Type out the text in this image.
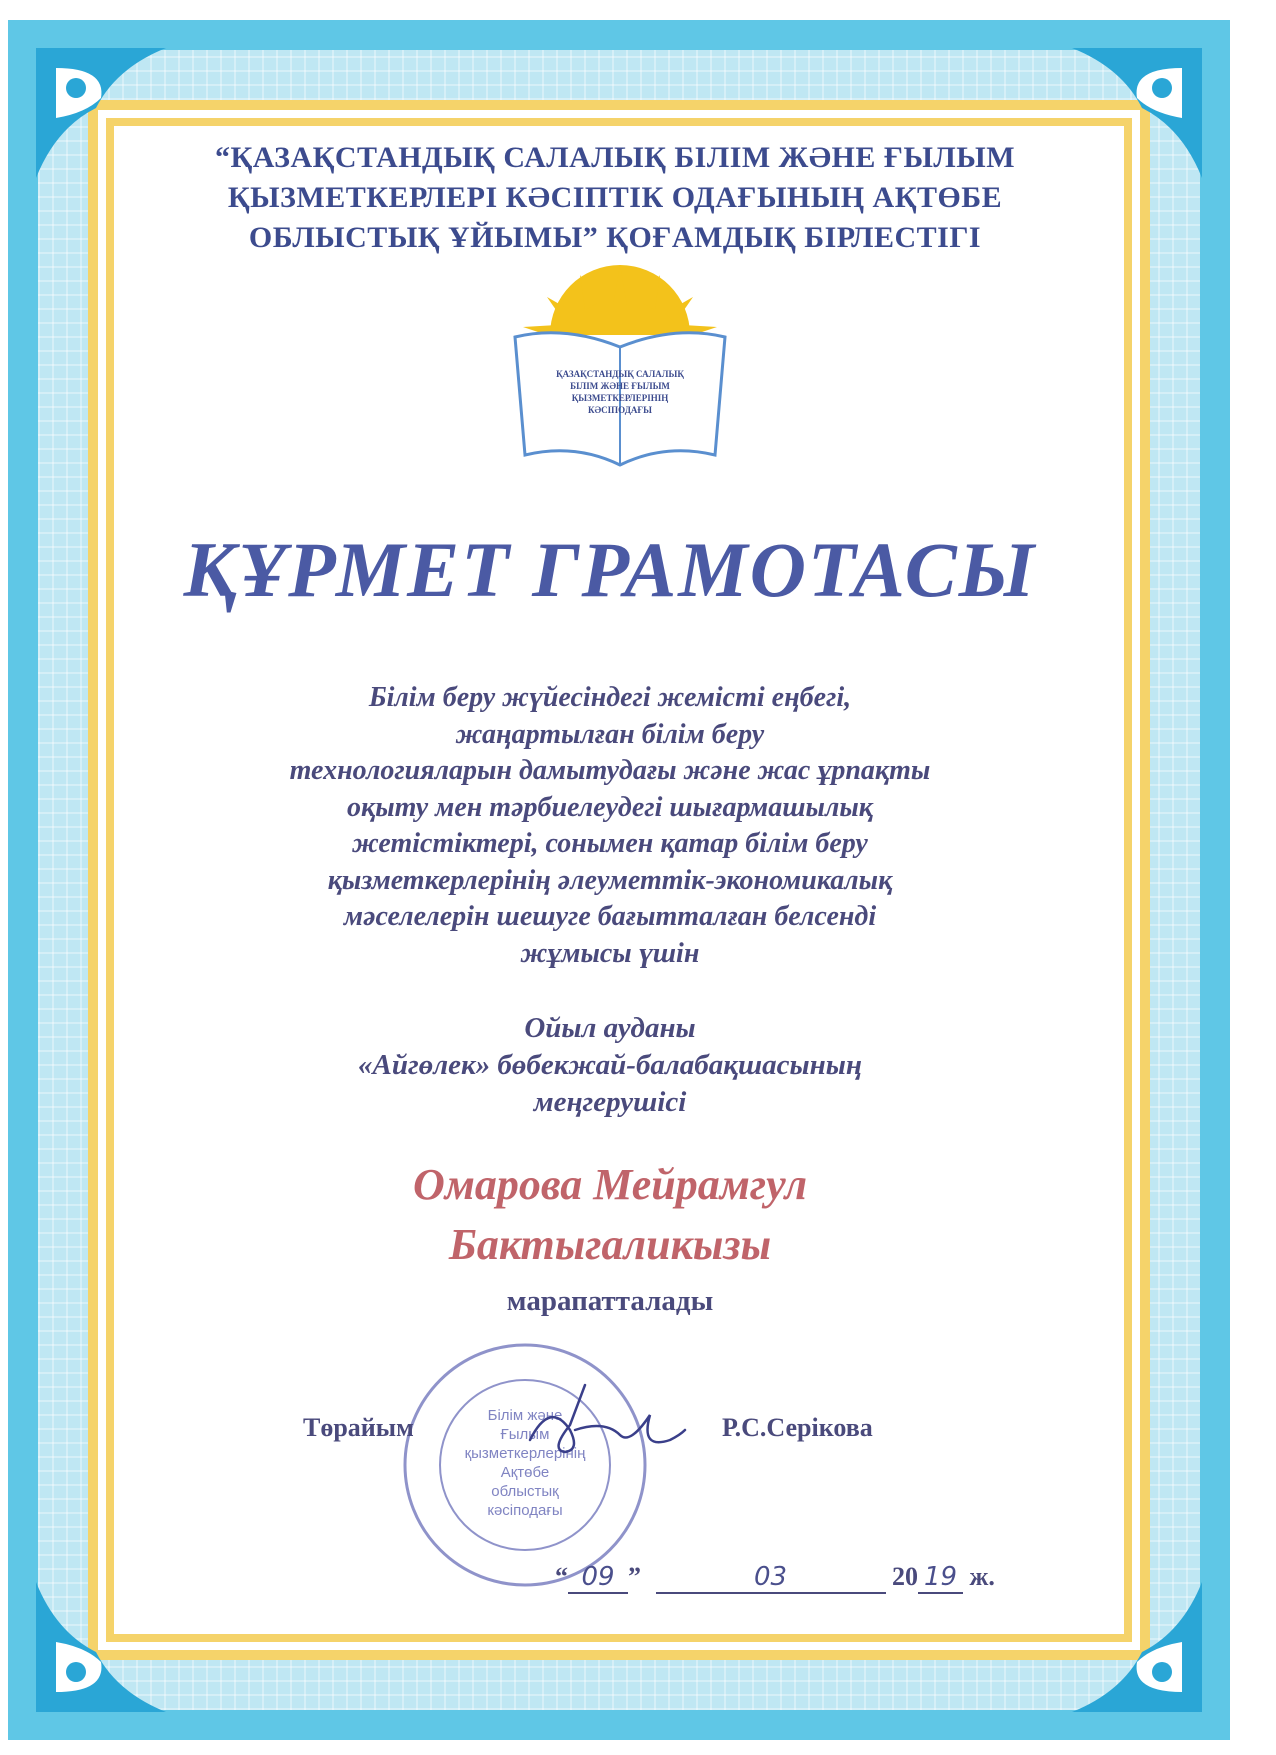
“ҚАЗАҚСТАНДЫҚ САЛАЛЫҚ БІЛІМ ЖӘНЕ ҒЫЛЫМ
ҚЫЗМЕТКЕРЛЕРІ КӘСІПТІК ОДАҒЫНЫҢ АҚТӨБЕ
ОБЛЫСТЫҚ ҰЙЫМЫ” ҚОҒАМДЫҚ БІРЛЕСТІГІ
ҚАЗАҚСТАНДЫҚ САЛАЛЫҚ
БІЛІМ ЖӘНЕ ҒЫЛЫМ
ҚЫЗМЕТКЕРЛЕРІНІҢ
КӘСІПОДАҒЫ
ҚҰРМЕТ ГРАМОТАСЫ
Білім беру жүйесіндегі жемісті еңбегі,
жаңартылған білім беру
технологияларын дамытудағы және жас ұрпақты
оқыту мен тәрбиелеудегі шығармашылық
жетістіктері, сонымен қатар білім беру
қызметкерлерінің әлеуметтік-экономикалық
мәселелерін шешуге бағытталған белсенді
жұмысы үшін
Ойыл ауданы
«Айгөлек» бөбекжай-балабақшасының
меңгерушісі
Омарова Мейрамгул
Бактыгаликызы
марапатталады
Білім және
Ғылым
қызметкерлерінің
Ақтөбе
облыстық
кәсіподағы
Төрайым	Р.С.Серікова
“ 09 ”	03	20 19 ж.
